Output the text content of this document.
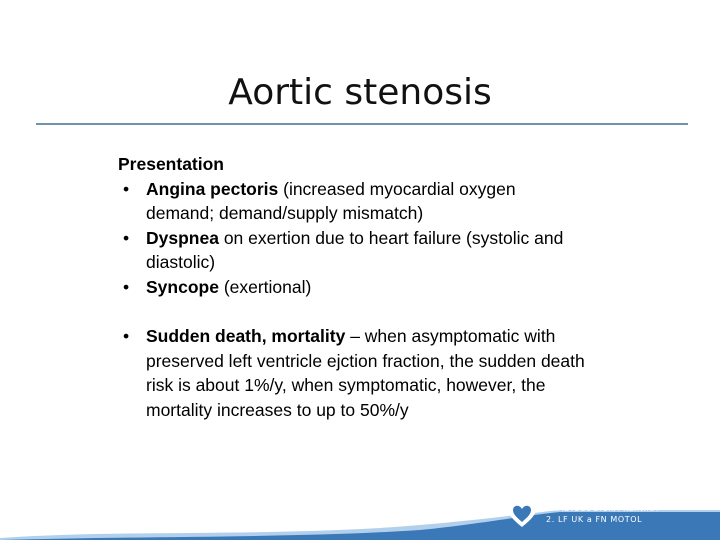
Aortic stenosis
Presentation
• Angina pectoris (increased myocardial oxygen demand; demand/supply mismatch)
• Dyspnea on exertion due to heart failure (systolic and diastolic)
• Syncope (exertional)
• Sudden death, mortality – when asymptomatic with preserved left ventricle ejction fraction, the sudden death risk is about 1%/y, when symptomatic, however, the mortality increases to up to 50%/y
KARDIOLOGICKÁ KLINIKA
2. LF UK a FN MOTOL
